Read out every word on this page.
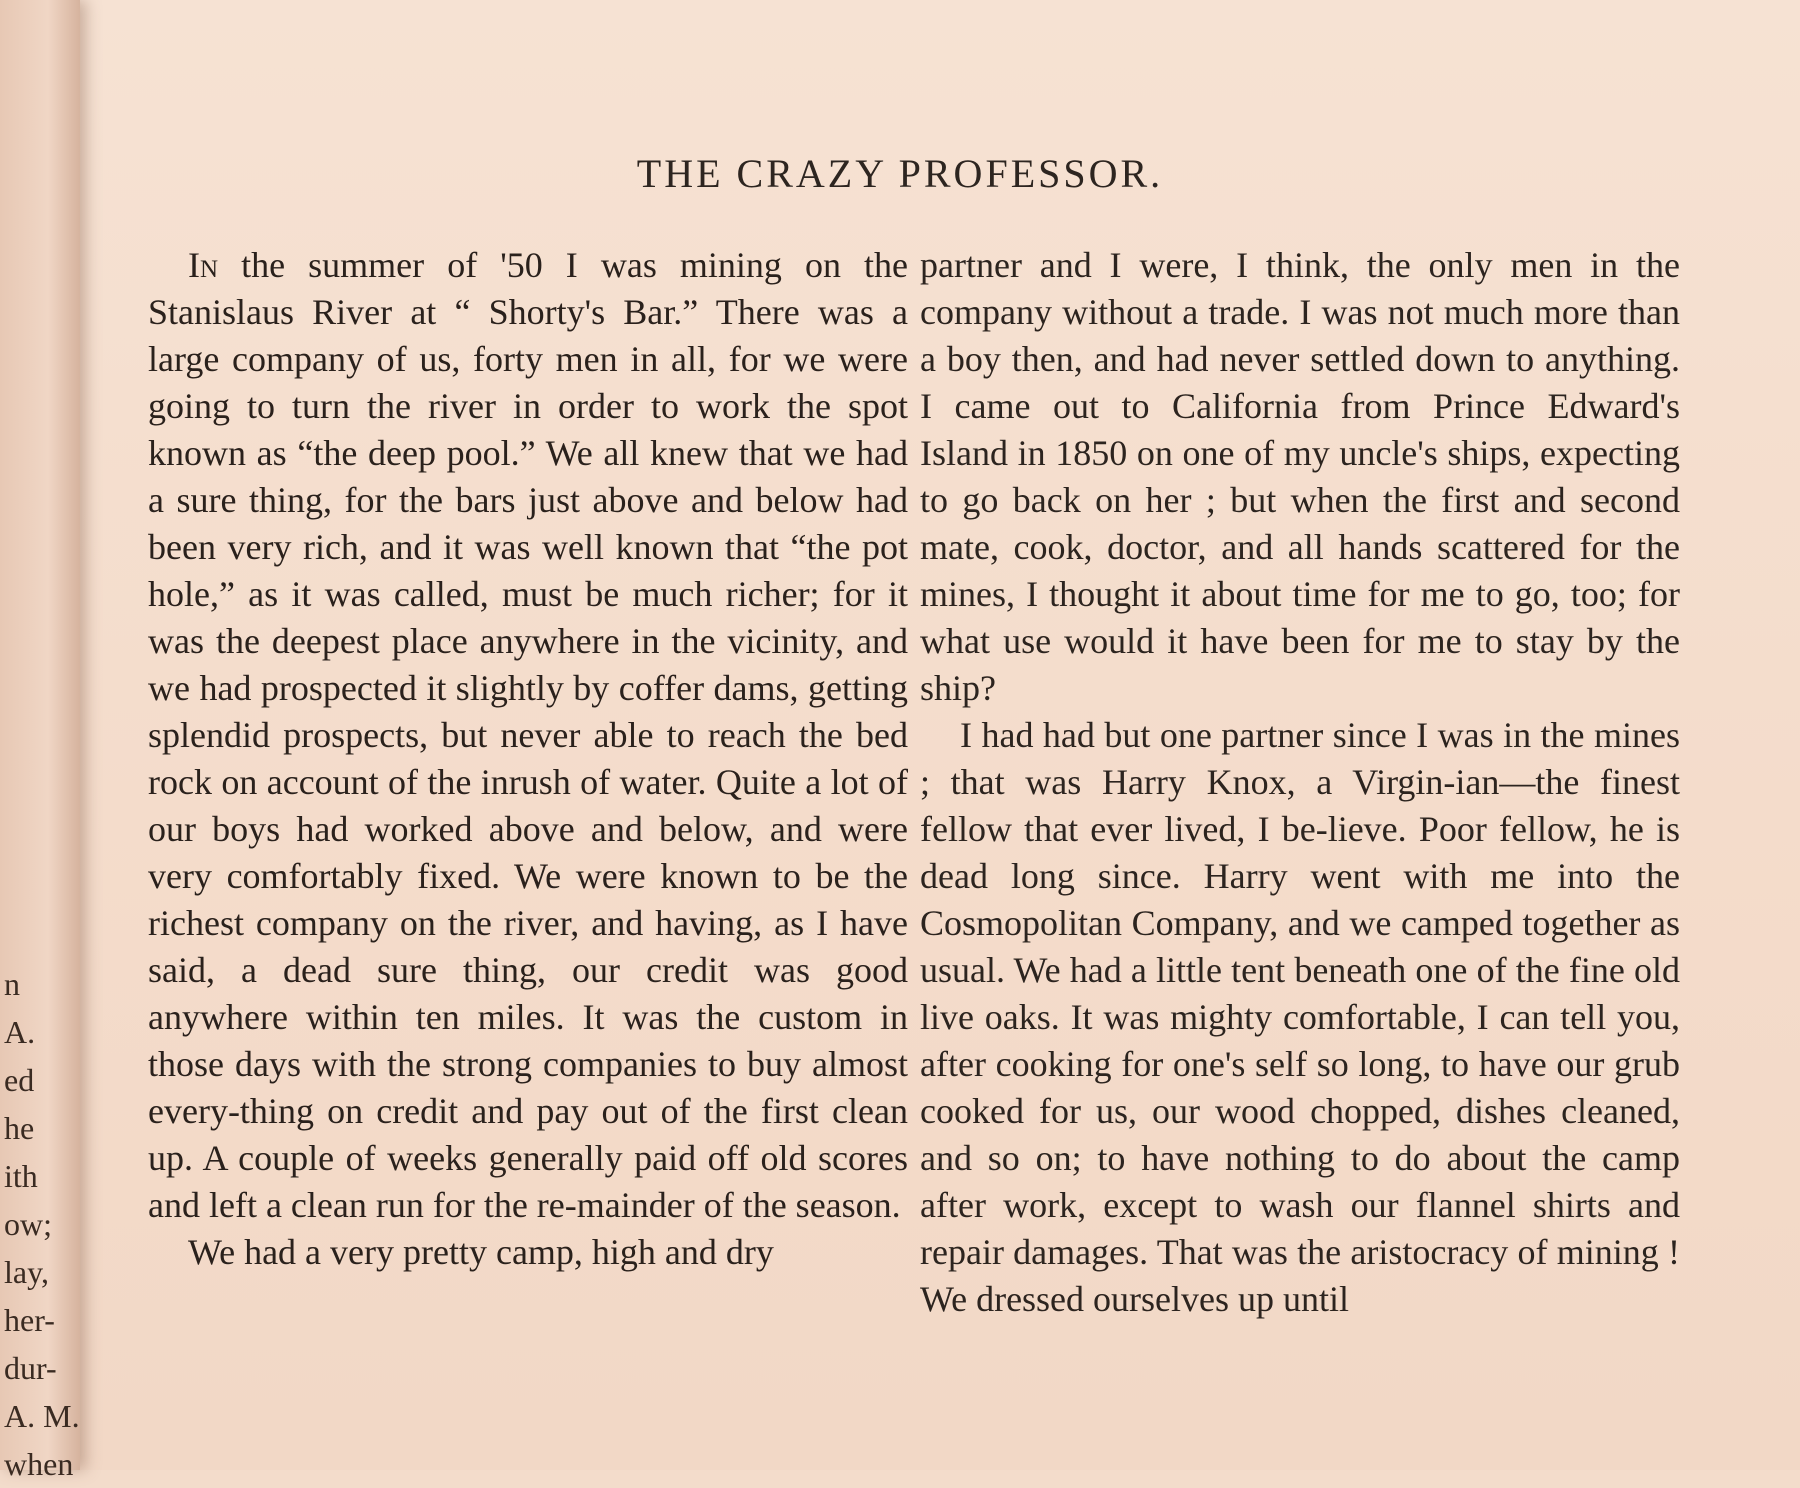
n
A.
ed
he
ith
ow;
lay,
her-
dur-
A. M.
when
THE CRAZY PROFESSOR.

In the summer of '50 I was mining on the Stanislaus River at “ Shorty's Bar.” There was a large company of us, forty men in all, for we were going to turn the river in order to work the spot known as “the deep pool.” We all knew that we had a sure thing, for the bars just above and below had been very rich, and it was well known that “the pot hole,” as it was called, must be much richer; for it was the deepest place anywhere in the vicinity, and we had prospected it slightly by coffer dams, getting splendid prospects, but never able to reach the bed rock on account of the inrush of water. Quite a lot of our boys had worked above and below, and were very comfortably fixed. We were known to be the richest company on the river, and having, as I have said, a dead sure thing, our credit was good anywhere within ten miles. It was the custom in those days with the strong companies to buy almost every-thing on credit and pay out of the first clean up. A couple of weeks generally paid off old scores and left a clean run for the re-mainder of the season.

We had a very pretty camp, high and dry

partner and I were, I think, the only men in the company without a trade. I was not much more than a boy then, and had never settled down to anything. I came out to California from Prince Edward's Island in 1850 on one of my uncle's ships, expecting to go back on her ; but when the first and second mate, cook, doctor, and all hands scattered for the mines, I thought it about time for me to go, too; for what use would it have been for me to stay by the ship?

I had had but one partner since I was in the mines ; that was Harry Knox, a Virgin-ian—the finest fellow that ever lived, I be-lieve. Poor fellow, he is dead long since. Harry went with me into the Cosmopolitan Company, and we camped together as usual. We had a little tent beneath one of the fine old live oaks. It was mighty comfortable, I can tell you, after cooking for one's self so long, to have our grub cooked for us, our wood chopped, dishes cleaned, and so on; to have nothing to do about the camp after work, except to wash our flannel shirts and repair damages. That was the aristocracy of mining ! We dressed ourselves up until
